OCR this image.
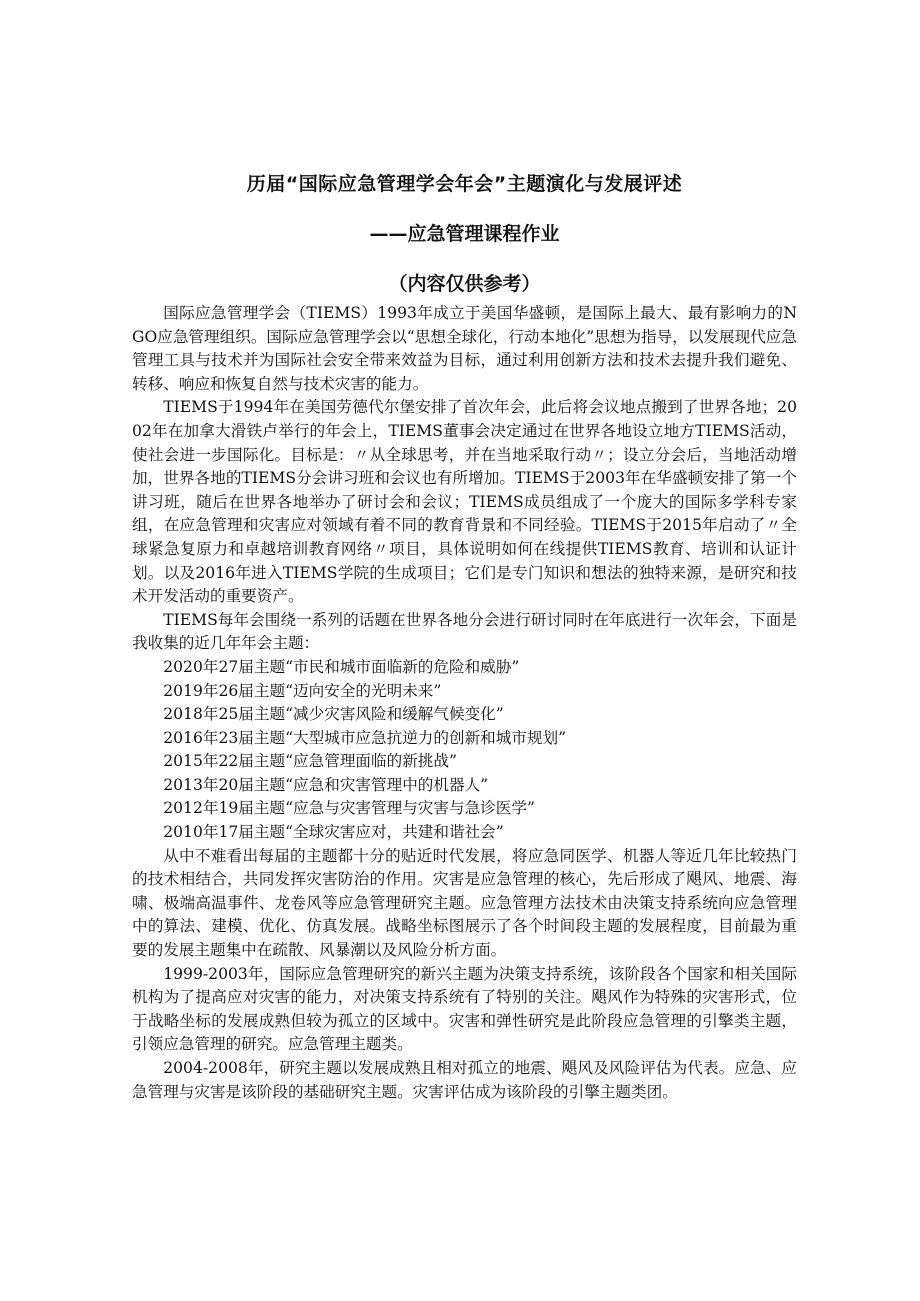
历届“国际应急管理学会年会”主题演化与发展评述
——应急管理课程作业
（内容仅供参考）

国际应急管理学会（TIEMS）1993年成立于美国华盛顿，是国际上最大、最有影响力的NGO应急管理组织。国际应急管理学会以“思想全球化，行动本地化”思想为指导，以发展现代应急管理工具与技术并为国际社会安全带来效益为目标，通过利用创新方法和技术去提升我们避免、转移、响应和恢复自然与技术灾害的能力。

TIEMS于1994年在美国劳德代尔堡安排了首次年会，此后将会议地点搬到了世界各地；2002年在加拿大滑铁卢举行的年会上，TIEMS董事会决定通过在世界各地设立地方TIEMS活动，使社会进一步国际化。目标是：〃从全球思考，并在当地采取行动〃；设立分会后，当地活动增加，世界各地的TIEMS分会讲习班和会议也有所增加。TIEMS于2003年在华盛顿安排了第一个讲习班，随后在世界各地举办了研讨会和会议；TIEMS成员组成了一个庞大的国际多学科专家组，在应急管理和灾害应对领域有着不同的教育背景和不同经验。TIEMS于2015年启动了〃全球紧急复原力和卓越培训教育网络〃项目，具体说明如何在线提供TIEMS教育、培训和认证计划。以及2016年进入TIEMS学院的生成项目；它们是专门知识和想法的独特来源，是研究和技术开发活动的重要资产。

TIEMS每年会围绕一系列的话题在世界各地分会进行研讨同时在年底进行一次年会，下面是我收集的近几年年会主题：

2020年27届主题“市民和城市面临新的危险和威胁”
2019年26届主题“迈向安全的光明未来”
2018年25届主题“减少灾害风险和缓解气候变化”
2016年23届主题“大型城市应急抗逆力的创新和城市规划”
2015年22届主题“应急管理面临的新挑战”
2013年20届主题“应急和灾害管理中的机器人”
2012年19届主题“应急与灾害管理与灾害与急诊医学”
2010年17届主题“全球灾害应对，共建和谐社会”

从中不难看出每届的主题都十分的贴近时代发展，将应急同医学、机器人等近几年比较热门的技术相结合，共同发挥灾害防治的作用。灾害是应急管理的核心，先后形成了飓风、地震、海啸、极端高温事件、龙卷风等应急管理研究主题。应急管理方法技术由决策支持系统向应急管理中的算法、建模、优化、仿真发展。战略坐标图展示了各个时间段主题的发展程度，目前最为重要的发展主题集中在疏散、风暴潮以及风险分析方面。

1999-2003年，国际应急管理研究的新兴主题为决策支持系统，该阶段各个国家和相关国际机构为了提高应对灾害的能力，对决策支持系统有了特别的关注。飓风作为特殊的灾害形式，位于战略坐标的发展成熟但较为孤立的区域中。灾害和弹性研究是此阶段应急管理的引擎类主题，引领应急管理的研究。应急管理主题类。

2004-2008年，研究主题以发展成熟且相对孤立的地震、飓风及风险评估为代表。应急、应急管理与灾害是该阶段的基础研究主题。灾害评估成为该阶段的引擎主题类团。
